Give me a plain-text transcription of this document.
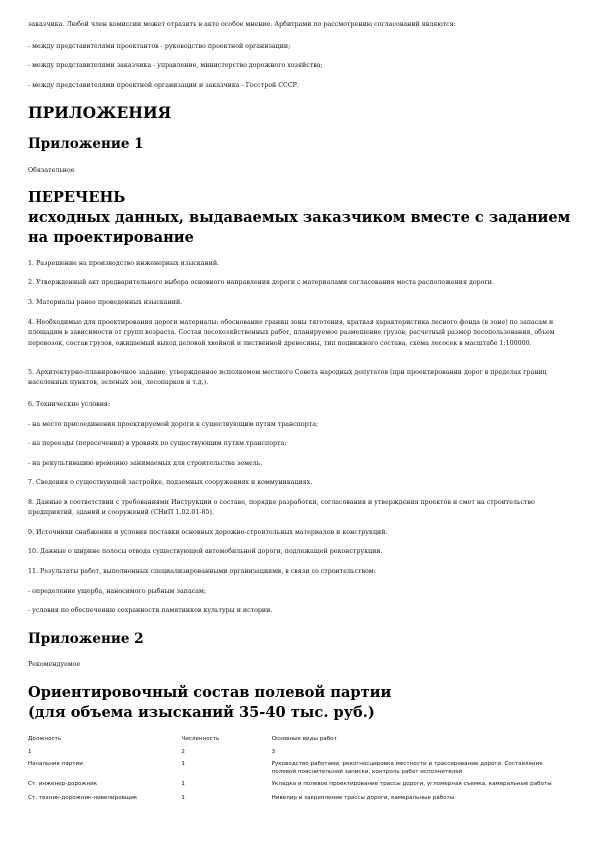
заказчика. Любой член комиссии может отразить в акте особое мнение. Арбитрами по рассмотрению согласований являются:
- между представителями проектантов - руководство проектной организации;
- между представителями заказчика - управление, министерство дорожного хозяйства;
- между представителями проектной организации и заказчика - Госстрой СССР.
ПРИЛОЖЕНИЯ
Приложение 1
Обязательное
ПЕРЕЧЕНЬ
исходных данных, выдаваемых заказчиком вместе с заданием
на проектирование
1. Разрешение на производство инженерных изысканий.
2. Утвержденный акт предварительного выбора основного направления дороги с материалами согласования места расположения дороги.
3. Материалы ранее проведенных изысканий.
4. Необходимые для проектирования дороги материалы: обоснование границ зоны тяготения, краткая характеристика лесного фонда (в зоне) по запасам и площадям в зависимости от групп возраста. Состав лесохозяйственных работ, планируемое размещение грузов, расчетный размер лесопользования, объем перевозок, состав грузов, ожидаемый выход деловой хвойной и лиственной древесины, тип подвижного состава, схема лесосек в масштабе 1:100000.
5. Архитектурно-планировочное задание, утвержденное исполкомом местного Совета народных депутатов (при проектировании дорог в пределах границ населенных пунктов, зеленых зон, лесопарков и т.д.).
6. Технические условия:
- на место присоединения проектируемой дороги к существующим путям транспорта;
- на переезды (пересечения) в уровнях по существующим путям транспорта;
- на рекультивацию временно занимаемых для строительства земель.
7. Сведения о существующей застройке, подземных сооружениях и коммуникациях.
8. Данные в соответствии с требованиями Инструкции о составе, порядке разработки, согласования и утверждения проектов и смет на строительство предприятий, зданий и сооружений (СНиП 1.02.01-85).
9. Источники снабжения и условия поставки основных дорожно-строительных материалов и конструкций.
10. Данные о ширине полосы отвода существующей автомобильной дороги, подлежащей реконструкции.
11. Результаты работ, выполненных специализированными организациями, в связи со строительством:
- определение ущерба, наносимого рыбным запасам;
- условия по обеспечению сохранности памятников культуры и истории.
Приложение 2
Рекомендуемое
Ориентировочный состав полевой партии
(для объема изысканий 35-40 тыс. руб.)
Должность	Численность	Основные виды работ
1	2	3
Начальник партии	1	Руководство работами, рекогносцировка местности и трассирование дороги. Составление полевой пояснительной записки, контроль работ исполнителей
Ст. инженер-дорожник	1	Укладка и полевое проектирование трассы дороги, угломерная съемка, камеральные работы
Ст. техник-дорожник-нивелировщик	1	Нивелир и закрепление трассы дороги, камеральные работы
